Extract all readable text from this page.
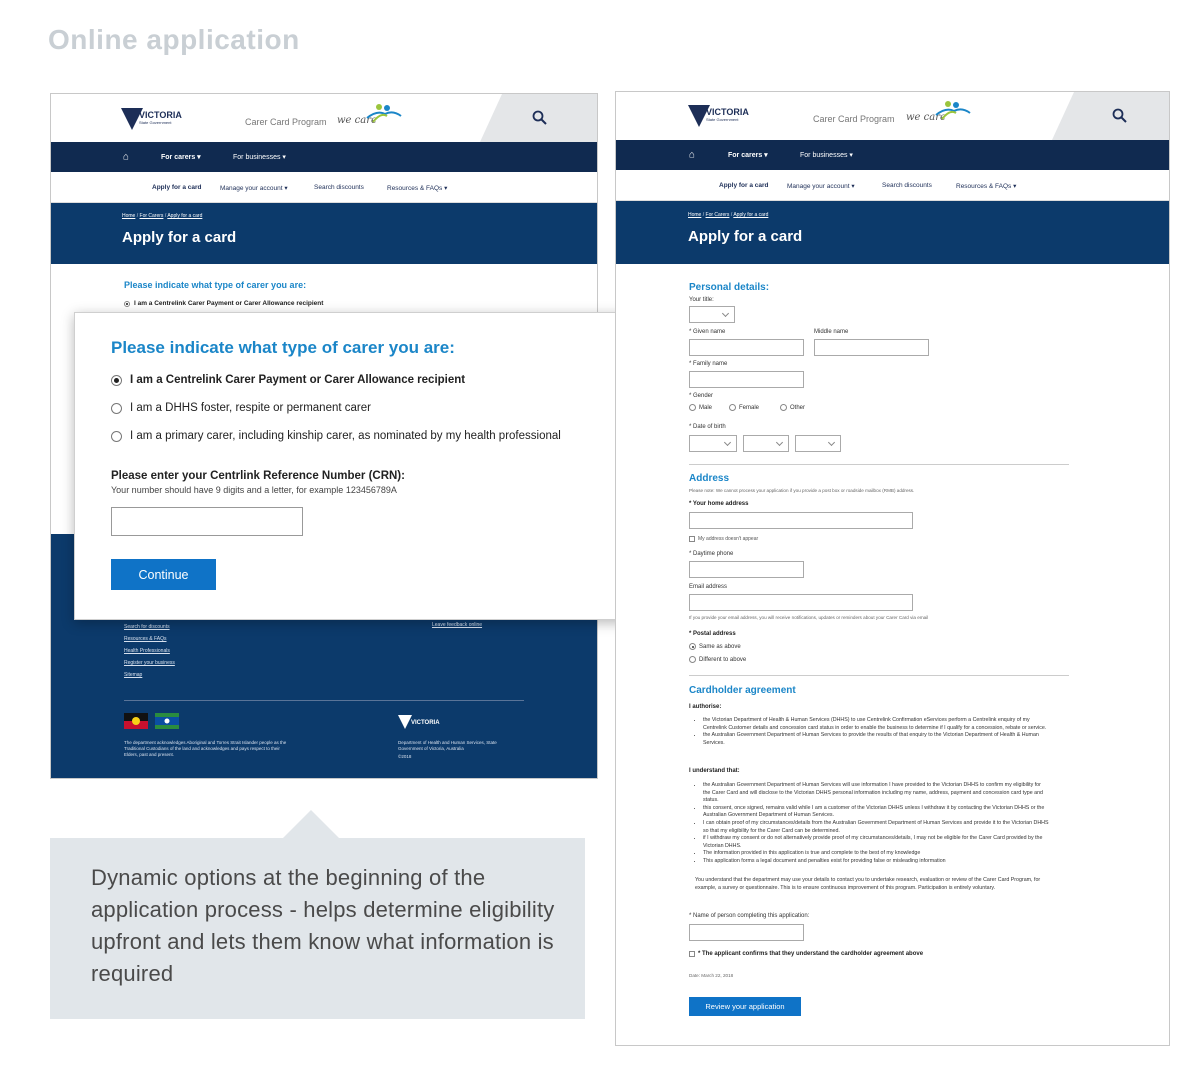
Online application
VICTORIA
State Government	Carer Card Program we care
⌂	For carers ▾	For businesses ▾
Apply for a card	Manage your account ▾	Search discounts	Resources & FAQs ▾
Home / For Carers / Apply for a card
Apply for a card
Please indicate what type of carer you are:
I am a Centrelink Carer Payment or Carer Allowance recipient
Search for discounts
Resources & FAQs
Health Professionals
Register your business
Sitemap
Leave feedback online
The department acknowledges Aboriginal and Torres Strait Islander people as the Traditional Custodians of the land and acknowledges and pays respect to their Elders, past and present.
VICTORIA
Department of Health and Human Services, State Government of Victoria, Australia
©2018
Please indicate what type of carer you are:
I am a Centrelink Carer Payment or Carer Allowance recipient
I am a DHHS foster, respite or permanent carer
I am a primary carer, including kinship carer, as nominated by my health professional
Please enter your Centrlink Reference Number (CRN):
Your number should have 9 digits and a letter, for example 123456789A
Continue

Dynamic options at the beginning of the application process - helps determine eligibility upfront and lets them know what information is required

VICTORIA
State Government	Carer Card Program we care
⌂	For carers ▾	For businesses ▾
Apply for a card	Manage your account ▾	Search discounts	Resources & FAQs ▾
Home / For Carers / Apply for a card
Apply for a card
Personal details:
Your title:
* Given name	Middle name
* Family name
* Gender
Male	Female	Other
* Date of birth
Address
Please note: We cannot process your application if you provide a post box or roadside mailbox (RMB) address.
* Your home address
My address doesn't appear
* Daytime phone
Email address
If you provide your email address, you will receive notifications, updates or reminders about your Carer Card via email
* Postal address
Same as above
Different to above
Cardholder agreement
I authorise:
• the Victorian Department of Health & Human Services (DHHS) to use Centrelink Confirmation eServices perform a Centrelink enquiry of my Centrelink Customer details and concession card status in order to enable the business to determine if I qualify for a concession, rebate or service.
• the Australian Government Department of Human Services to provide the results of that enquiry to the Victorian Department of Health & Human Services.
I understand that:
• the Australian Government Department of Human Services will use information I have provided to the Victorian DHHS to confirm my eligibility for the Carer Card and will disclose to the Victorian DHHS personal information including my name, address, payment and concession card type and status.
• this consent, once signed, remains valid while I am a customer of the Victorian DHHS unless I withdraw it by contacting the Victorian DHHS or the Australian Government Department of Human Services.
• I can obtain proof of my circumstances/details from the Australian Government Department of Human Services and provide it to the Victorian DHHS so that my eligibility for the Carer Card can be determined.
• if I withdraw my consent or do not alternatively provide proof of my circumstances/details, I may not be eligible for the Carer Card provided by the Victorian DHHS.
• The information provided in this application is true and complete to the best of my knowledge
• This application forms a legal document and penalties exist for providing false or misleading information
You understand that the department may use your details to contact you to undertake research, evaluation or review of the Carer Card Program, for example, a survey or questionnaire. This is to ensure continuous improvement of this program. Participation is entirely voluntary.
* Name of person completing this application:
* The applicant confirms that they understand the cardholder agreement above
Date: March 22, 2018
Review your application
